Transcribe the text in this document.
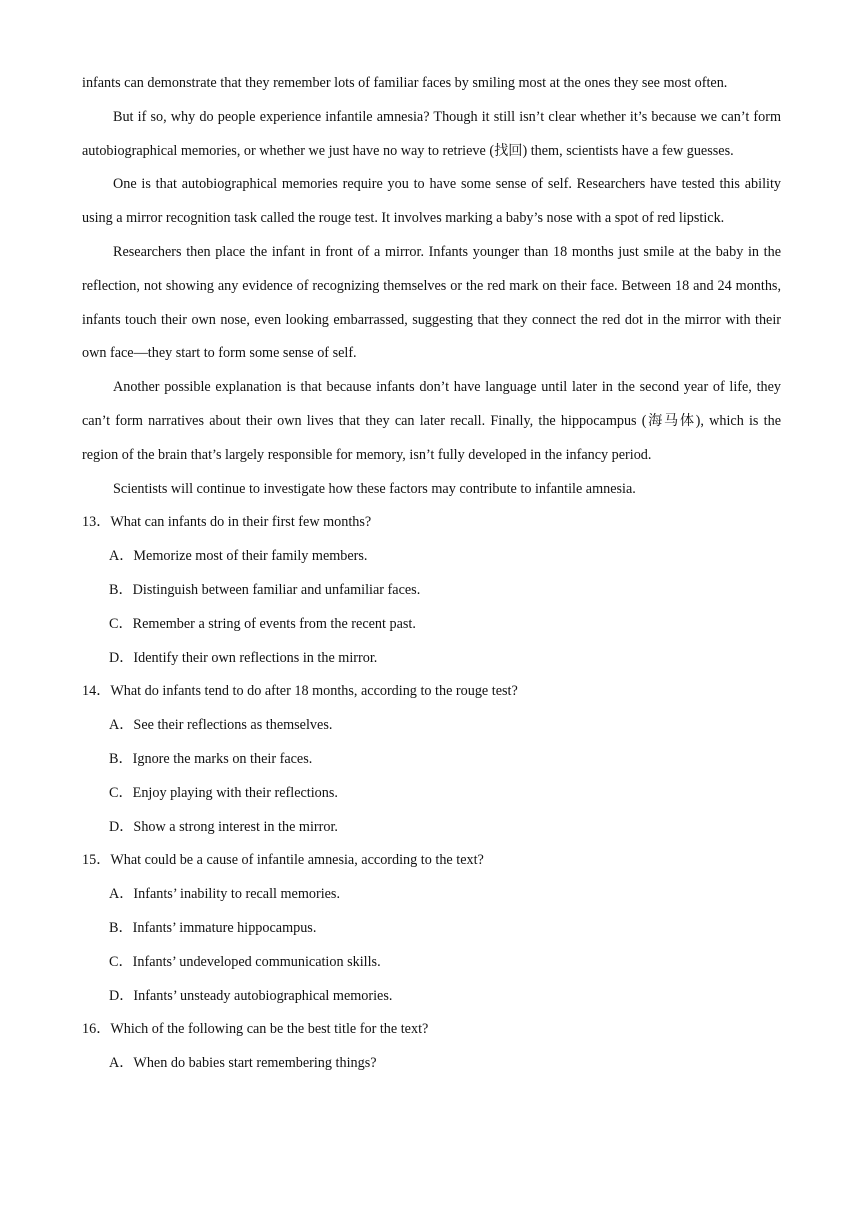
infants can demonstrate that they remember lots of familiar faces by smiling most at the ones they see most often.

But if so, why do people experience infantile amnesia? Though it still isn’t clear whether it’s because we can’t form autobiographical memories, or whether we just have no way to retrieve (找回) them, scientists have a few guesses.

One is that autobiographical memories require you to have some sense of self. Researchers have tested this ability using a mirror recognition task called the rouge test. It involves marking a baby’s nose with a spot of red lipstick.

Researchers then place the infant in front of a mirror. Infants younger than 18 months just smile at the baby in the reflection, not showing any evidence of recognizing themselves or the red mark on their face. Between 18 and 24 months, infants touch their own nose, even looking embarrassed, suggesting that they connect the red dot in the mirror with their own face—they start to form some sense of self.

Another possible explanation is that because infants don’t have language until later in the second year of life, they can’t form narratives about their own lives that they can later recall. Finally, the hippocampus (海马体), which is the region of the brain that’s largely responsible for memory, isn’t fully developed in the infancy period.

Scientists will continue to investigate how these factors may contribute to infantile amnesia.

13．What can infants do in their first few months?

A．Memorize most of their family members.

B．Distinguish between familiar and unfamiliar faces.

C．Remember a string of events from the recent past.

D．Identify their own reflections in the mirror.

14．What do infants tend to do after 18 months, according to the rouge test?

A．See their reflections as themselves.

B．Ignore the marks on their faces.

C．Enjoy playing with their reflections.

D．Show a strong interest in the mirror.

15．What could be a cause of infantile amnesia, according to the text?

A．Infants’ inability to recall memories.

B．Infants’ immature hippocampus.

C．Infants’ undeveloped communication skills.

D．Infants’ unsteady autobiographical memories.

16．Which of the following can be the best title for the text?

A．When do babies start remembering things?
